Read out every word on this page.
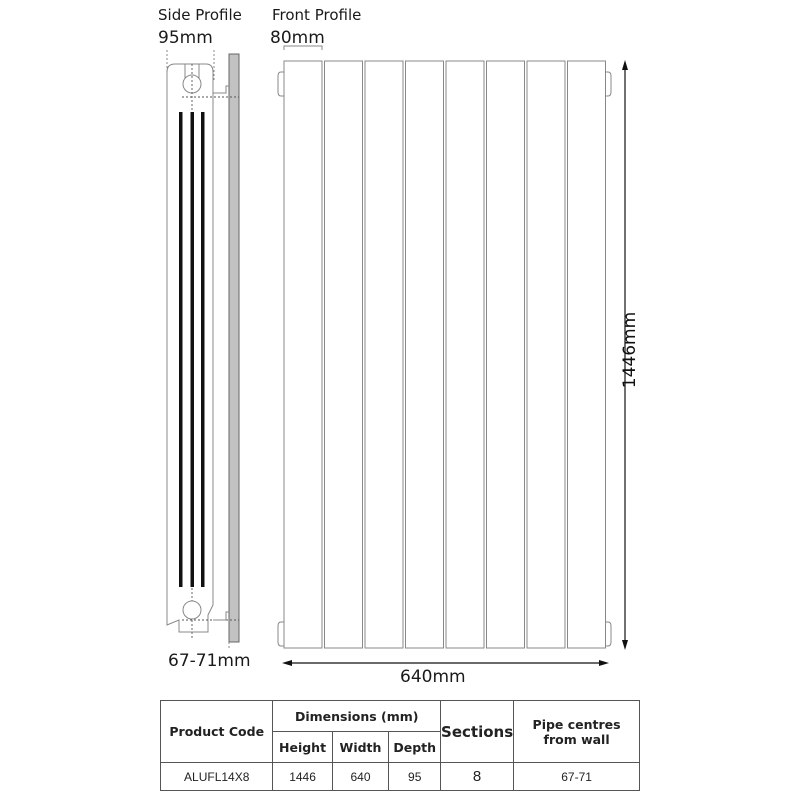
Side Profile
95mm
Front Profile
80mm
67-71mm
640mm
1446mm
Product Code	Dimensions (mm)			Sections	Pipe centres from wall
	Height	Width	Depth		
ALUFL14X8	1446	640	95	8	67-71
